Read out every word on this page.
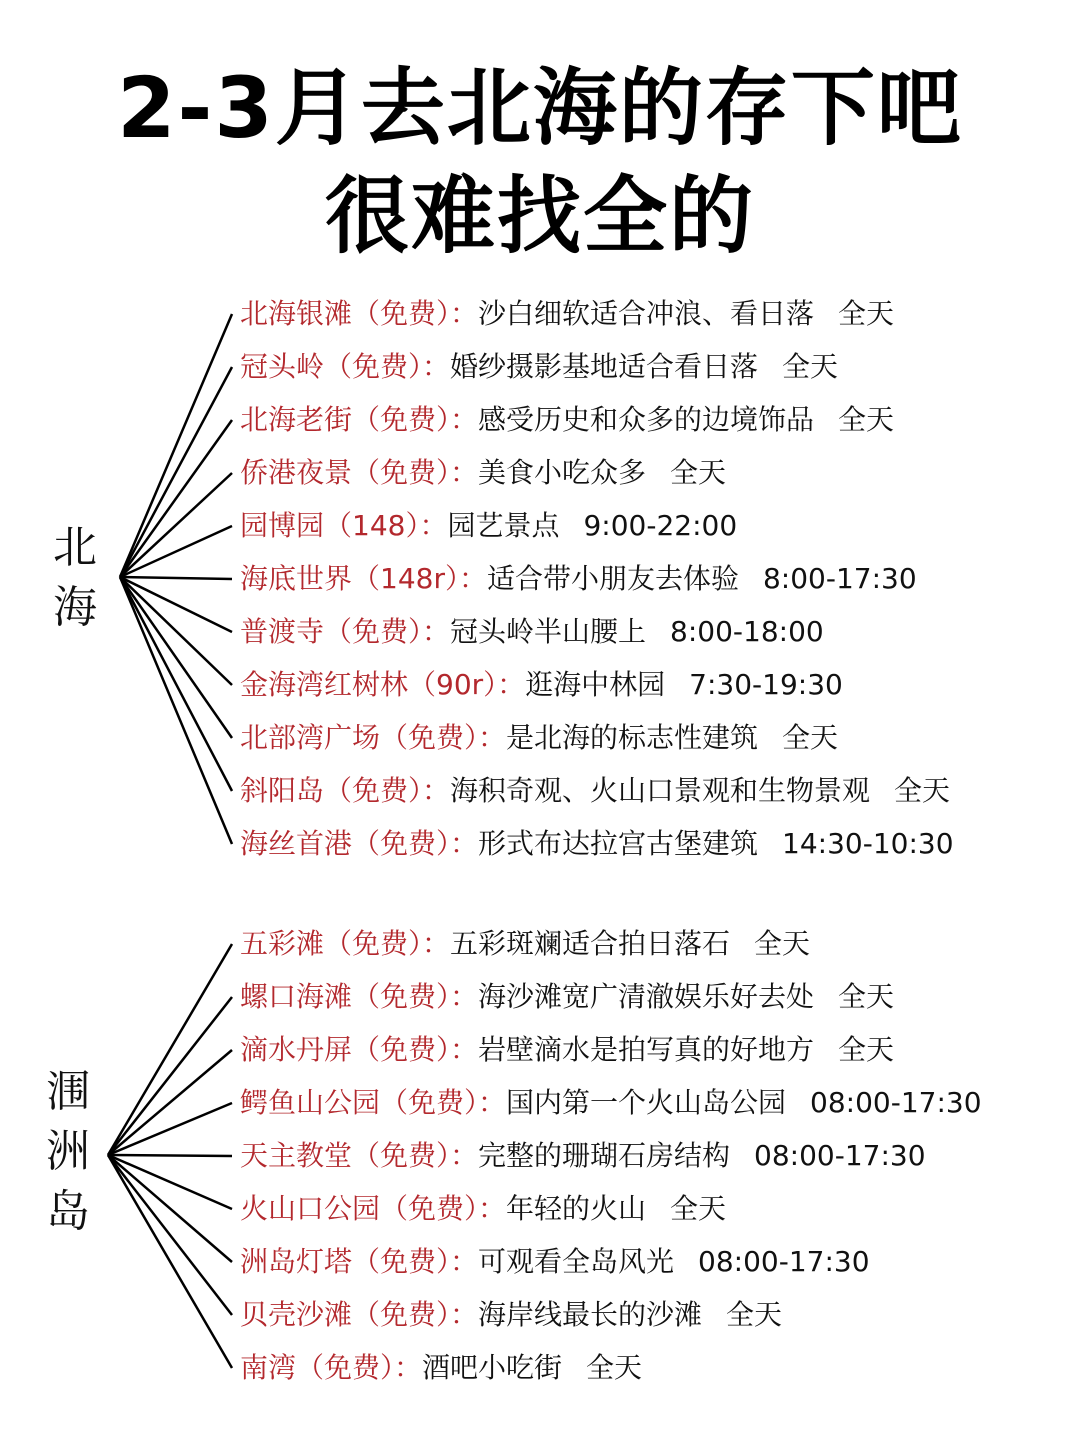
2-3月去北海的存下吧
很难找全的
北
海
北海银滩（免费）：沙白细软适合冲浪、看日落 全天
冠头岭（免费）：婚纱摄影基地适合看日落 全天
北海老街（免费）：感受历史和众多的边境饰品 全天
侨港夜景（免费）：美食小吃众多 全天
园博园（148）：园艺景点 9:00-22:00
海底世界（148r）：适合带小朋友去体验 8:00-17:30
普渡寺（免费）：冠头岭半山腰上 8:00-18:00
金海湾红树林（90r）：逛海中林园 7:30-19:30
北部湾广场（免费）：是北海的标志性建筑 全天
斜阳岛（免费）：海积奇观、火山口景观和生物景观 全天
海丝首港（免费）：形式布达拉宫古堡建筑 14:30-10:30
涠
洲
岛
五彩滩（免费）：五彩斑斓适合拍日落石 全天
螺口海滩（免费）：海沙滩宽广清澈娱乐好去处 全天
滴水丹屏（免费）：岩壁滴水是拍写真的好地方 全天
鳄鱼山公园（免费）：国内第一个火山岛公园 08:00-17:30
天主教堂（免费）：完整的珊瑚石房结构 08:00-17:30
火山口公园（免费）：年轻的火山 全天
洲岛灯塔（免费）：可观看全岛风光 08:00-17:30
贝壳沙滩（免费）：海岸线最长的沙滩 全天
南湾（免费）：酒吧小吃街 全天
